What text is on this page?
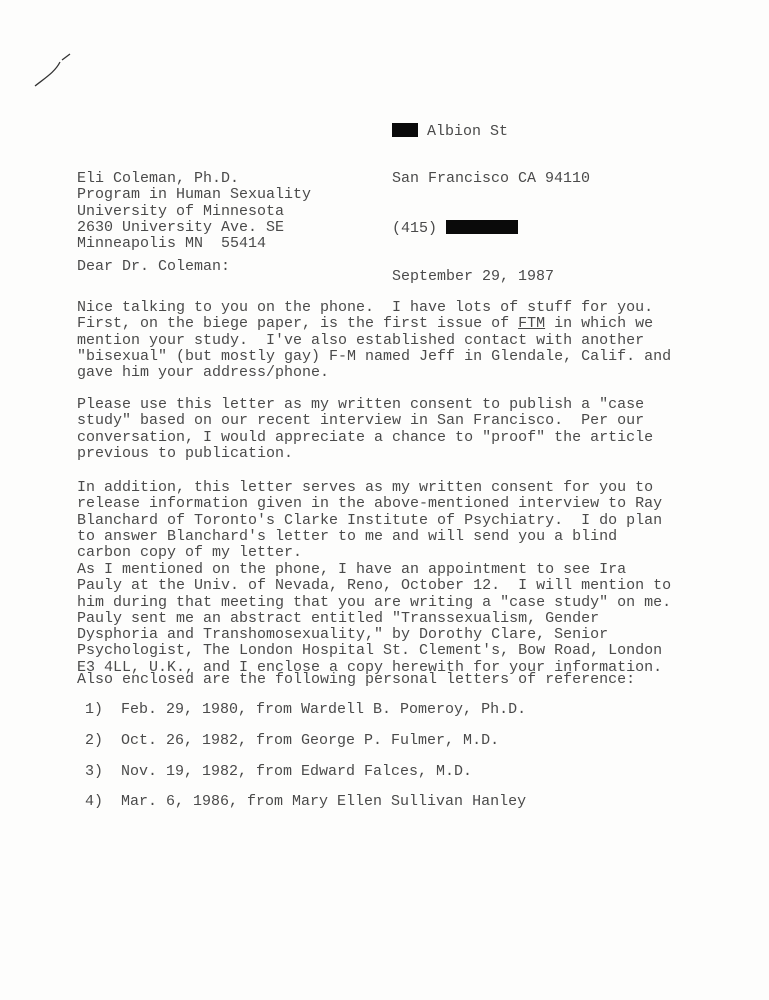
Albion St

San Francisco CA 94110

(415)

September 29, 1987

Eli Coleman, Ph.D.
Program in Human Sexuality
University of Minnesota
2630 University Ave. SE
Minneapolis MN  55414
Dear Dr. Coleman:
Nice talking to you on the phone.  I have lots of stuff for you.
First, on the biege paper, is the first issue of FTM in which we
mention your study.  I've also established contact with another
"bisexual" (but mostly gay) F-M named Jeff in Glendale, Calif. and
gave him your address/phone.
Please use this letter as my written consent to publish a "case
study" based on our recent interview in San Francisco.  Per our
conversation, I would appreciate a chance to "proof" the article
previous to publication.
In addition, this letter serves as my written consent for you to
release information given in the above-mentioned interview to Ray
Blanchard of Toronto's Clarke Institute of Psychiatry.  I do plan
to answer Blanchard's letter to me and will send you a blind
carbon copy of my letter.
As I mentioned on the phone, I have an appointment to see Ira
Pauly at the Univ. of Nevada, Reno, October 12.  I will mention to
him during that meeting that you are writing a "case study" on me.
Pauly sent me an abstract entitled "Transsexualism, Gender
Dysphoria and Transhomosexuality," by Dorothy Clare, Senior
Psychologist, The London Hospital St. Clement's, Bow Road, London
E3 4LL, U.K., and I enclose a copy herewith for your information.
Also enclosed are the following personal letters of reference:
1)  Feb. 29, 1980, from Wardell B. Pomeroy, Ph.D.
2)  Oct. 26, 1982, from George P. Fulmer, M.D.
3)  Nov. 19, 1982, from Edward Falces, M.D.
4)  Mar. 6, 1986, from Mary Ellen Sullivan Hanley
